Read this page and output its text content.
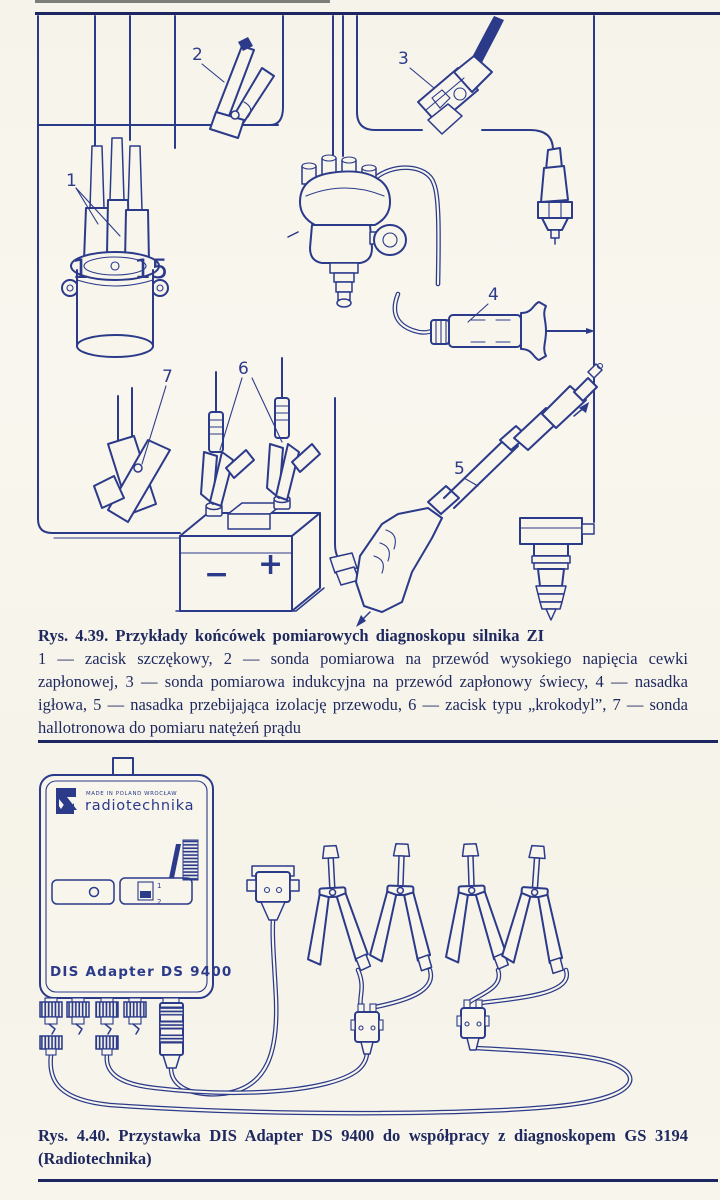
1 15
1
2	3
4
5
7
− +
6

Rys. 4.39. Przykłady końcówek pomiarowych diagnoskopu silnika ZI

1 — zacisk szczękowy, 2 — sonda pomiarowa na przewód wysokiego napięcia cewki zapłonowej, 3 — sonda pomiarowa indukcyjna na przewód zapłonowy świecy, 4 — nasadka igłowa, 5 — nasadka przebijająca izolację przewodu, 6 — zacisk typu „krokodyl”, 7 — sonda hallotronowa do pomiaru natężeń prądu

MADE IN POLAND WROCŁAW
radiotechnika
1
2
DIS Adapter DS 9400

Rys. 4.40. Przystawka DIS Adapter DS 9400 do współpracy z diagnoskopem GS 3194

(Radiotechnika)
